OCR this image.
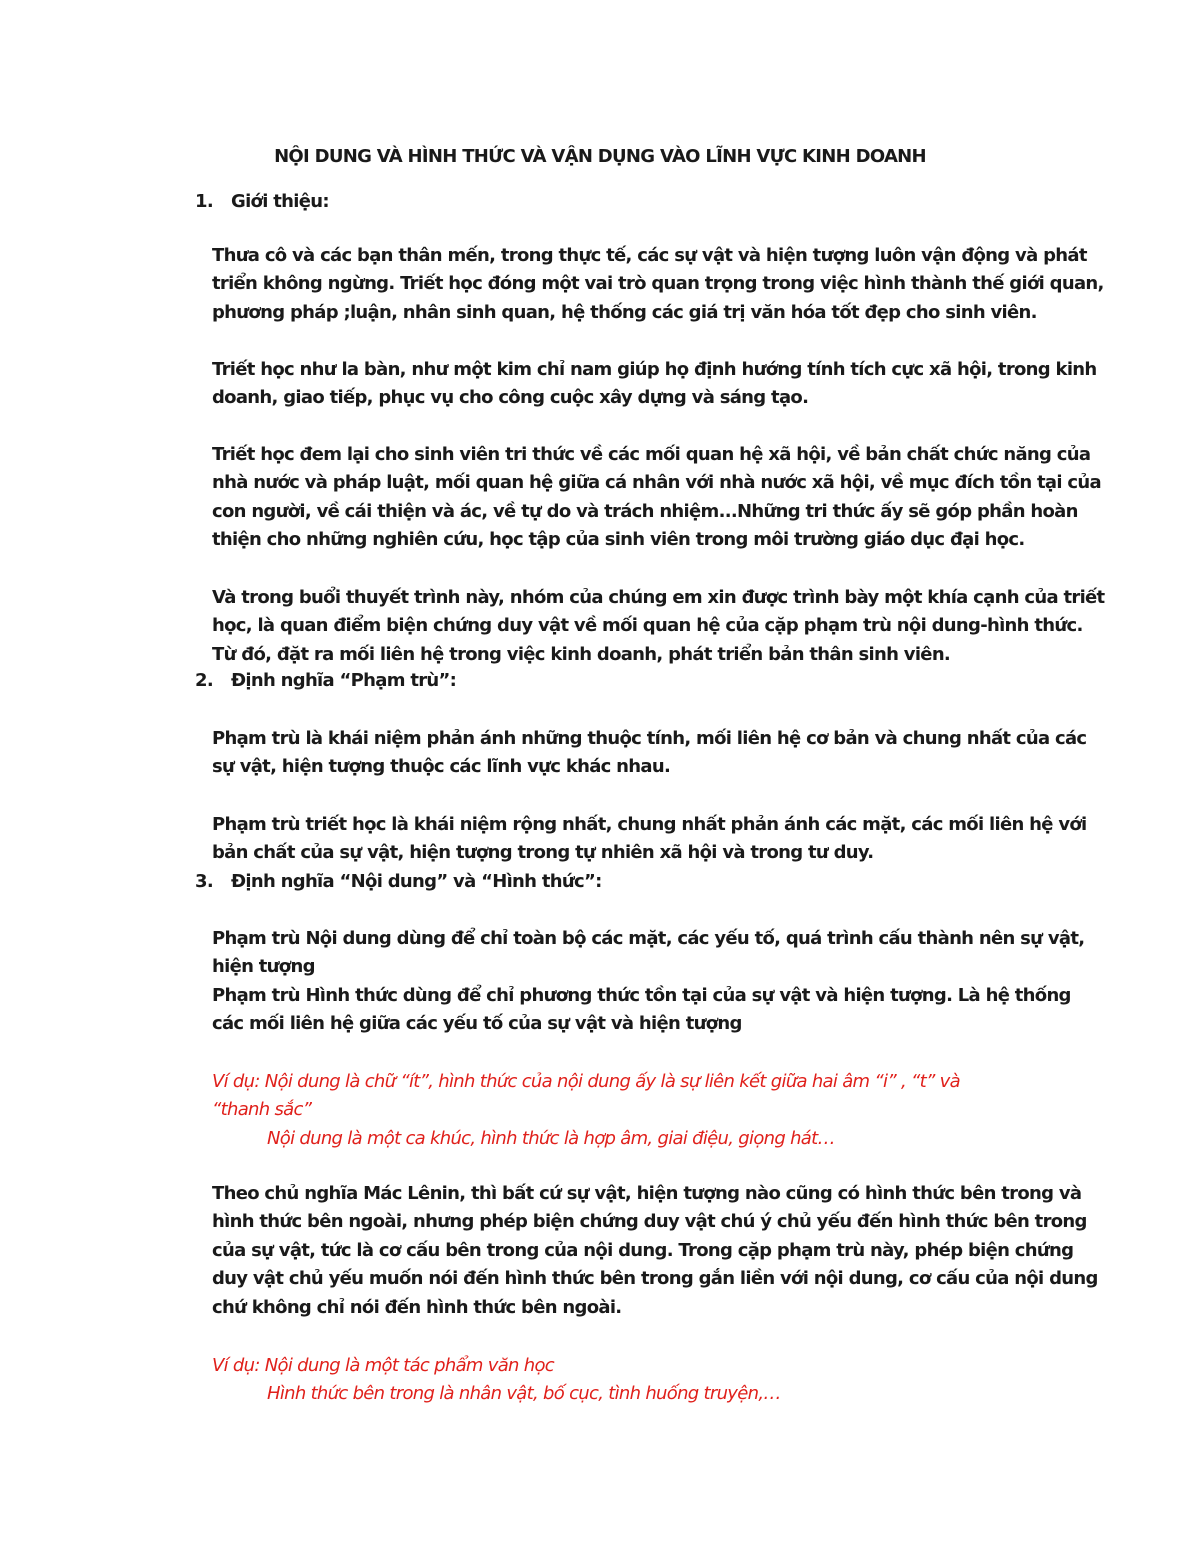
NỘI DUNG VÀ HÌNH THỨC VÀ VẬN DỤNG VÀO LĨNH VỰC KINH DOANH
1. Giới thiệu:
Thưa cô và các bạn thân mến, trong thực tế, các sự vật và hiện tượng luôn vận động và phát
triển không ngừng. Triết học đóng một vai trò quan trọng trong việc hình thành thế giới quan,
phương pháp ;luận, nhân sinh quan, hệ thống các giá trị văn hóa tốt đẹp cho sinh viên.
Triết học như la bàn, như một kim chỉ nam giúp họ định hướng tính tích cực xã hội, trong kinh
doanh, giao tiếp, phục vụ cho công cuộc xây dựng và sáng tạo.
Triết học đem lại cho sinh viên tri thức về các mối quan hệ xã hội, về bản chất chức năng của
nhà nước và pháp luật, mối quan hệ giữa cá nhân với nhà nước xã hội, về mục đích tồn tại của
con người, về cái thiện và ác, về tự do và trách nhiệm...Những tri thức ấy sẽ góp phần hoàn
thiện cho những nghiên cứu, học tập của sinh viên trong môi trường giáo dục đại học.
Và trong buổi thuyết trình này, nhóm của chúng em xin được trình bày một khía cạnh của triết
học, là quan điểm biện chứng duy vật về mối quan hệ của cặp phạm trù nội dung-hình thức.
Từ đó, đặt ra mối liên hệ trong việc kinh doanh, phát triển bản thân sinh viên.
2. Định nghĩa “Phạm trù”:
Phạm trù là khái niệm phản ánh những thuộc tính, mối liên hệ cơ bản và chung nhất của các
sự vật, hiện tượng thuộc các lĩnh vực khác nhau.
Phạm trù triết học là khái niệm rộng nhất, chung nhất phản ánh các mặt, các mối liên hệ với
bản chất của sự vật, hiện tượng trong tự nhiên xã hội và trong tư duy.
3. Định nghĩa “Nội dung” và “Hình thức”:
Phạm trù Nội dung dùng để chỉ toàn bộ các mặt, các yếu tố, quá trình cấu thành nên sự vật,
hiện tượng
Phạm trù Hình thức dùng để chỉ phương thức tồn tại của sự vật và hiện tượng. Là hệ thống
các mối liên hệ giữa các yếu tố của sự vật và hiện tượng
Ví dụ: Nội dung là chữ “ít”, hình thức của nội dung ấy là sự liên kết giữa hai âm “i” , “t” và
“thanh sắc”
Nội dung là một ca khúc, hình thức là hợp âm, giai điệu, giọng hát…
Theo chủ nghĩa Mác Lênin, thì bất cứ sự vật, hiện tượng nào cũng có hình thức bên trong và
hình thức bên ngoài, nhưng phép biện chứng duy vật chú ý chủ yếu đến hình thức bên trong
của sự vật, tức là cơ cấu bên trong của nội dung. Trong cặp phạm trù này, phép biện chứng
duy vật chủ yếu muốn nói đến hình thức bên trong gắn liền với nội dung, cơ cấu của nội dung
chứ không chỉ nói đến hình thức bên ngoài.
Ví dụ: Nội dung là một tác phẩm văn học
Hình thức bên trong là nhân vật, bố cục, tình huống truyện,…
